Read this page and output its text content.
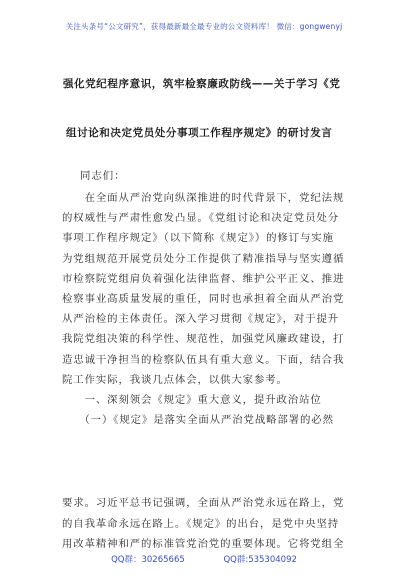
关注头条号“公文研究”，获得最新最全最专业的公文资料库！ 微信：gongwenyj
强化党纪程序意识，筑牢检察廉政防线——关于学习《党
组讨论和决定党员处分事项工作程序规定》的研讨发言
同志们：
　　在全面从严治党向纵深推进的时代背景下，党纪法规
的权威性与严肃性愈发凸显。《党组讨论和决定党员处分
事项工作程序规定》（以下简称《规定》）的修订与实施
为党组规范开展党员处分工作提供了精准指导与坚实遵循
市检察院党组肩负着强化法律监督、维护公平正义、推进
检察事业高质量发展的重任，同时也承担着全面从严治党
从严治检的主体责任。深入学习贯彻《规定》，对于提升
我院党组决策的科学性、规范性，加强党风廉政建设，打
造忠诚干净担当的检察队伍具有重大意义。下面，结合我
院工作实际，我谈几点体会，以供大家参考。
　　一、深刻领会《规定》重大意义，提升政治站位
　　（一）《规定》是落实全面从严治党战略部署的必然
要求。习近平总书记强调，全面从严治党永远在路上，党
的自我革命永远在路上。《规定》的出台，是党中央坚持
用改革精神和严的标准管党治党的重要体现。它将党组全
QQ群：30265665	QQ群:535304092
